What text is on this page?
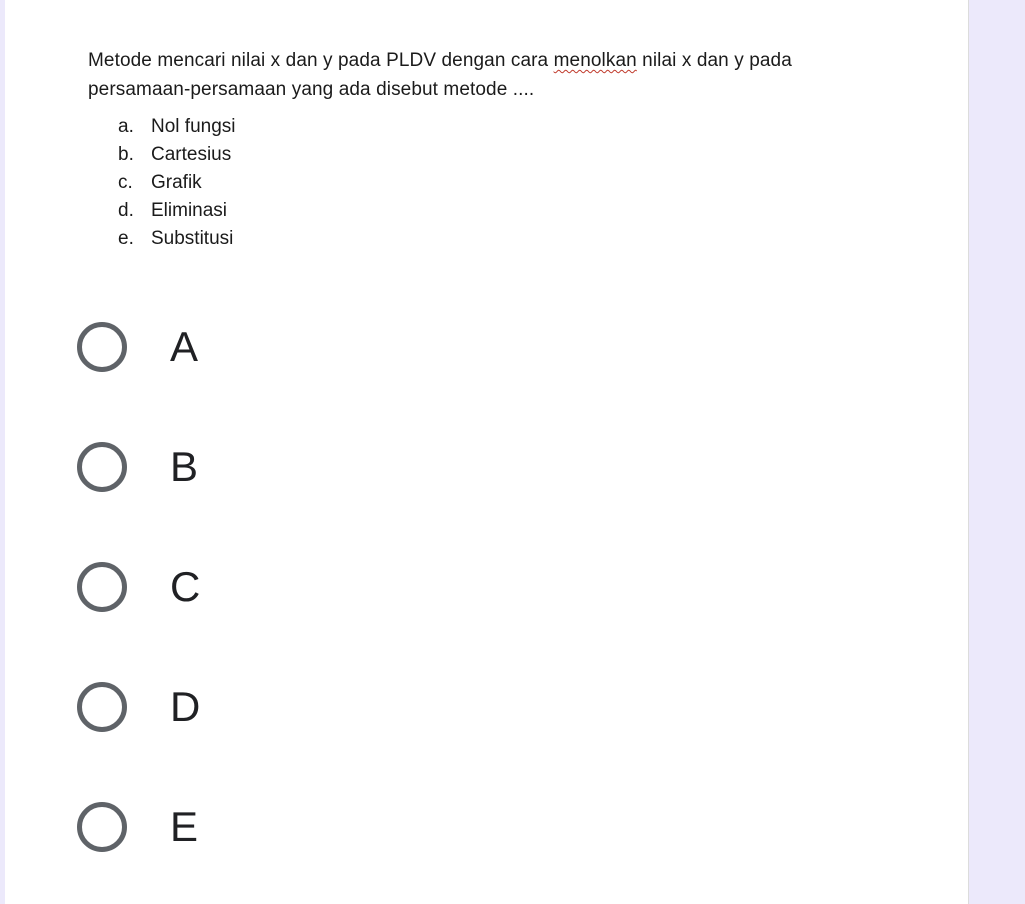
Metode mencari nilai x dan y pada PLDV dengan cara menolkan nilai x dan y pada persamaan-persamaan yang ada disebut metode ....

a. Nol fungsi
b. Cartesius
c. Grafik
d. Eliminasi
e. Substitusi
A
B
C
D
E
